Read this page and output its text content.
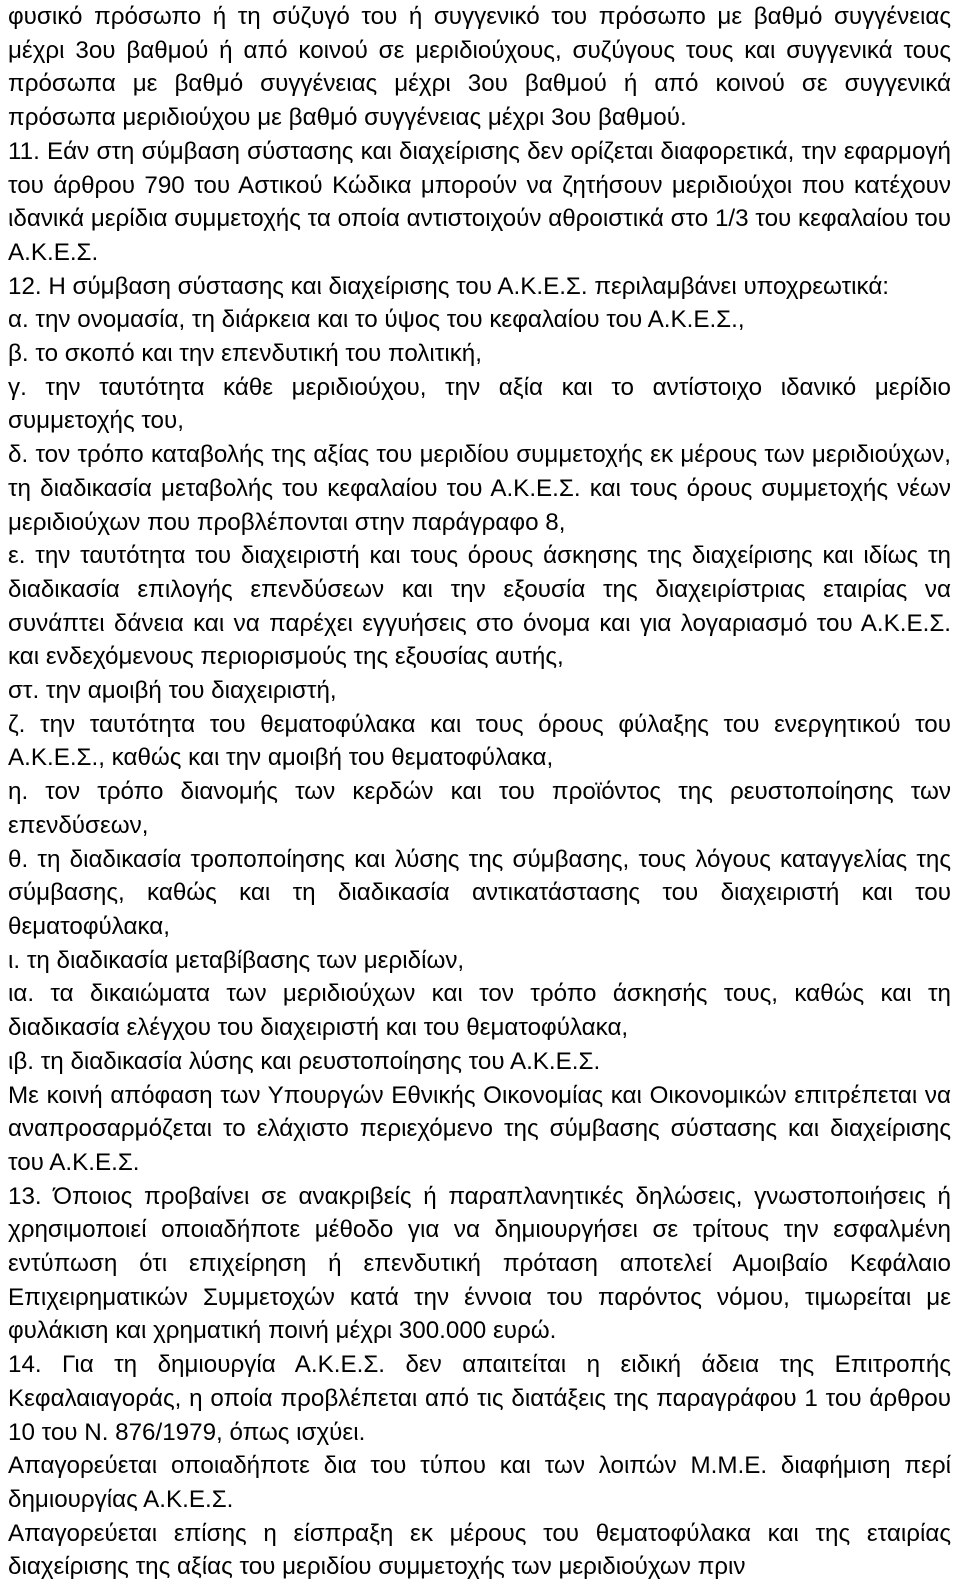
φυσικό πρόσωπο ή τη σύζυγό του ή συγγενικό του πρόσωπο με βαθμό συγγένειας μέχρι 3ου βαθμού ή από κοινού σε μεριδιούχους, συζύγους τους και συγγενικά τους πρόσωπα με βαθμό συγγένειας μέχρι 3ου βαθμού ή από κοινού σε συγγενικά πρόσωπα μεριδιούχου με βαθμό συγγένειας μέχρι 3ου βαθμού.

11. Εάν στη σύμβαση σύστασης και διαχείρισης δεν ορίζεται διαφορετικά, την εφαρμογή του άρθρου 790 του Αστικού Κώδικα μπορούν να ζητήσουν μεριδιούχοι που κατέχουν ιδανικά μερίδια συμμετοχής τα οποία αντιστοιχούν αθροιστικά στο 1/3 του κεφαλαίου του Α.Κ.Ε.Σ.

12. Η σύμβαση σύστασης και διαχείρισης του Α.Κ.Ε.Σ. περιλαμβάνει υποχρεωτικά:

α. την ονομασία, τη διάρκεια και το ύψος του κεφαλαίου του Α.Κ.Ε.Σ.,

β. το σκοπό και την επενδυτική του πολιτική,

γ. την ταυτότητα κάθε μεριδιούχου, την αξία και το αντίστοιχο ιδανικό μερίδιο συμμετοχής του,

δ. τον τρόπο καταβολής της αξίας του μεριδίου συμμετοχής εκ μέρους των μεριδιούχων, τη διαδικασία μεταβολής του κεφαλαίου του Α.Κ.Ε.Σ. και τους όρους συμμετοχής νέων μεριδιούχων που προβλέπονται στην παράγραφο 8,

ε. την ταυτότητα του διαχειριστή και τους όρους άσκησης της διαχείρισης και ιδίως τη διαδικασία επιλογής επενδύσεων και την εξουσία της διαχειρίστριας εταιρίας να συνάπτει δάνεια και να παρέχει εγγυήσεις στο όνομα και για λογαριασμό του Α.Κ.Ε.Σ. και ενδεχόμενους περιορισμούς της εξουσίας αυτής,

στ. την αμοιβή του διαχειριστή,

ζ. την ταυτότητα του θεματοφύλακα και τους όρους φύλαξης του ενεργητικού του Α.Κ.Ε.Σ., καθώς και την αμοιβή του θεματοφύλακα,

η. τον τρόπο διανομής των κερδών και του προϊόντος της ρευστοποίησης των επενδύσεων,

θ. τη διαδικασία τροποποίησης και λύσης της σύμβασης, τους λόγους καταγγελίας της σύμβασης, καθώς και τη διαδικασία αντικατάστασης του διαχειριστή και του θεματοφύλακα,

ι. τη διαδικασία μεταβίβασης των μεριδίων,

ια. τα δικαιώματα των μεριδιούχων και τον τρόπο άσκησής τους, καθώς και τη διαδικασία ελέγχου του διαχειριστή και του θεματοφύλακα,

ιβ. τη διαδικασία λύσης και ρευστοποίησης του Α.Κ.Ε.Σ.

Με κοινή απόφαση των Υπουργών Εθνικής Οικονομίας και Οικονομικών επιτρέπεται να αναπροσαρμόζεται το ελάχιστο περιεχόμενο της σύμβασης σύστασης και διαχείρισης του Α.Κ.Ε.Σ.

13. Όποιος προβαίνει σε ανακριβείς ή παραπλανητικές δηλώσεις, γνωστοποιήσεις ή χρησιμοποιεί οποιαδήποτε μέθοδο για να δημιουργήσει σε τρίτους την εσφαλμένη εντύπωση ότι επιχείρηση ή επενδυτική πρόταση αποτελεί Αμοιβαίο Κεφάλαιο Επιχειρηματικών Συμμετοχών κατά την έννοια του παρόντος νόμου, τιμωρείται με φυλάκιση και χρηματική ποινή μέχρι 300.000 ευρώ.

14. Για τη δημιουργία Α.Κ.Ε.Σ. δεν απαιτείται η ειδική άδεια της Επιτροπής Κεφαλαιαγοράς, η οποία προβλέπεται από τις διατάξεις της παραγράφου 1 του άρθρου 10 του Ν. 876/1979, όπως ισχύει.

Απαγορεύεται οποιαδήποτε δια του τύπου και των λοιπών Μ.Μ.Ε. διαφήμιση περί δημιουργίας Α.Κ.Ε.Σ.

Απαγορεύεται επίσης η είσπραξη εκ μέρους του θεματοφύλακα και της εταιρίας διαχείρισης της αξίας του μεριδίου συμμετοχής των μεριδιούχων πριν
